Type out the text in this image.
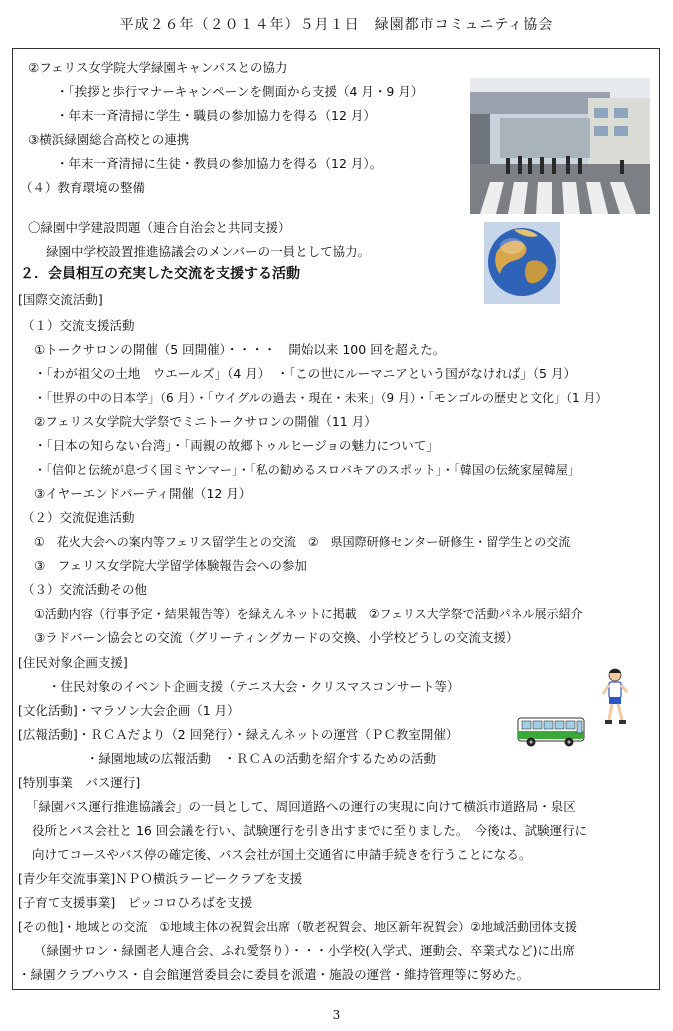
平成２６年（２０１４年）５月１日　緑園都市コミュニティ協会
②フェリス女学院大学緑園キャンパスとの協力
・「挨拶と歩行マナーキャンペーンを側面から支援（4 月・9 月）
・年末一斉清掃に学生・職員の参加協力を得る（12 月）
③横浜緑園総合高校との連携
・年末一斉清掃に生徒・教員の参加協力を得る（12 月）。
（４）教育環境の整備
〇緑園中学建設問題（連合自治会と共同支援）
緑園中学校設置推進協議会のメンバーの一員として協力。
２．会員相互の充実した交流を支援する活動
[国際交流活動]
（１）交流支援活動
①トークサロンの開催（5 回開催）・・・・　開始以来 100 回を超えた。
・「わが祖父の土地　ウエールズ」（4 月）　・「この世にルーマニアという国がなければ」（5 月）
・「世界の中の日本学」（6 月）・「ウイグルの過去・現在・未来」（9 月）・「モンゴルの歴史と文化」（1 月）
②フェリス女学院大学祭でミニトークサロンの開催（11 月）
・「日本の知らない台湾」・「両親の故郷トゥルヒージョの魅力について」
・「信仰と伝統が息づく国ミヤンマー」・「私の勧めるスロバキアのスポット」・「韓国の伝統家屋韓屋」
③イヤーエンドパーティ開催（12 月）
（２）交流促進活動
①　花火大会への案内等フェリス留学生との交流　②　県国際研修センター研修生・留学生との交流
③　フェリス女学院大学留学体験報告会への参加
（３）交流活動その他
①活動内容（行事予定・結果報告等）を緑えんネットに掲載　②フェリス大学祭で活動パネル展示紹介
③ラドバーン協会との交流（グリーティングカードの交換、小学校どうしの交流支援）
[住民対象企画支援]
・住民対象のイベント企画支援（テニス大会・クリスマスコンサート等）
[文化活動]・マラソン大会企画（1 月）
[広報活動]・ＲＣＡだより（2 回発行）・緑えんネットの運営（ＰＣ教室開催）
・緑園地域の広報活動　・ＲＣＡの活動を紹介するための活動
[特別事業　バス運行]
「緑園バス運行推進協議会」の一員として、周回道路への運行の実現に向けて横浜市道路局・泉区
役所とバス会社と 16 回会議を行い、試験運行を引き出すまでに至りました。　今後は、試験運行に
向けてコースやバス停の確定後、バス会社が国土交通省に申請手続きを行うことになる。
[青少年交流事業]ＮＰＯ横浜ラービークラブを支援
[子育て支援事業]　ピッコロひろばを支援
[その他]・地域との交流　①地域主体の祝賀会出席（敬老祝賀会、地区新年祝賀会）②地域活動団体支援
（緑園サロン・緑園老人連合会、ふれ愛祭り）・・・小学校(入学式、運動会、卒業式など)に出席
・緑園クラブハウス・自会館運営委員会に委員を派遣・施設の運営・維持管理等に努めた。
3
